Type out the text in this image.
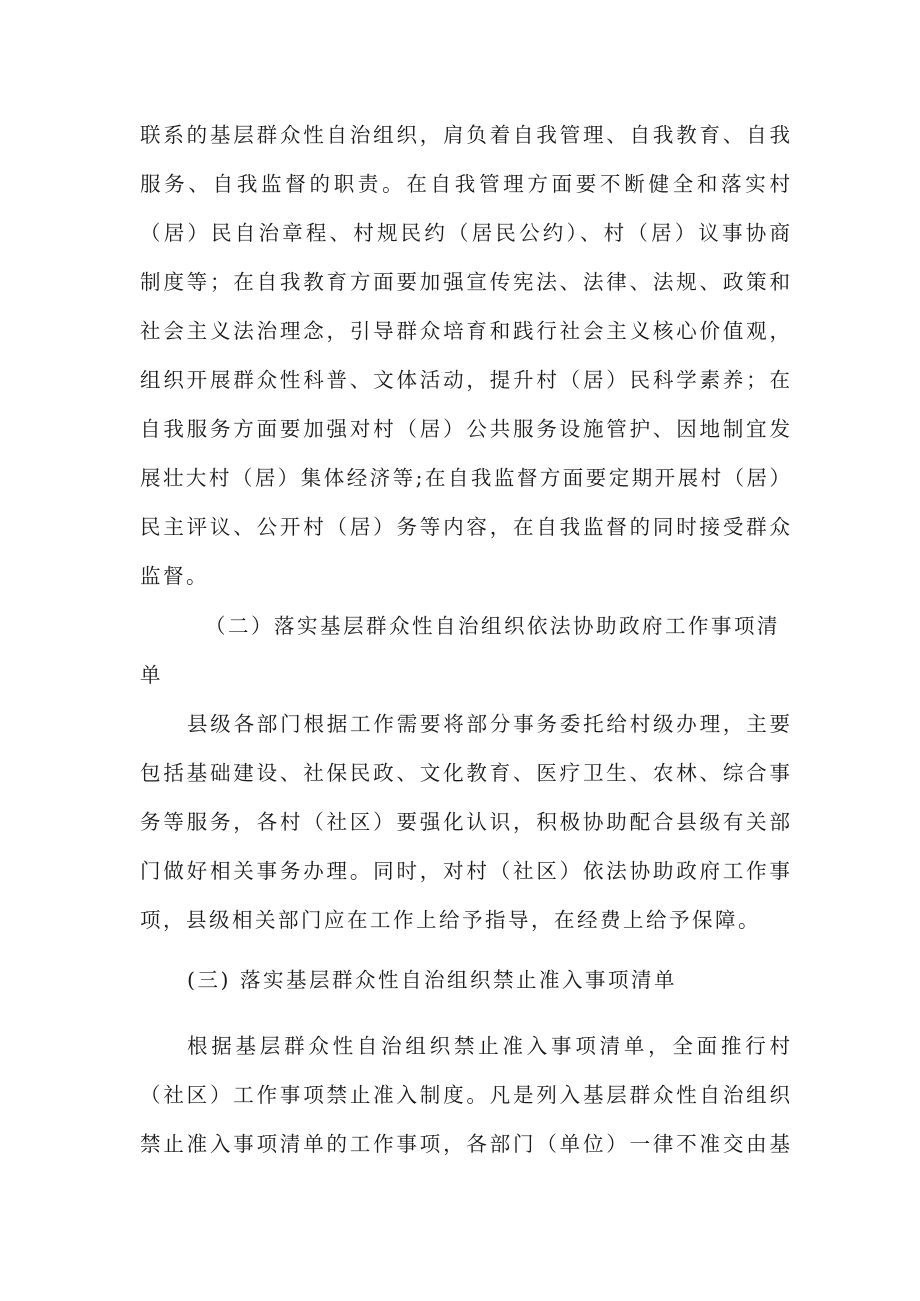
联系的基层群众性自治组织，肩负着自我管理、自我教育、自我
服务、自我监督的职责。在自我管理方面要不断健全和落实村
（居）民自治章程、村规民约（居民公约）、村（居）议事协商
制度等；在自我教育方面要加强宣传宪法、法律、法规、政策和
社会主义法治理念，引导群众培育和践行社会主义核心价值观，
组织开展群众性科普、文体活动，提升村（居）民科学素养；在
自我服务方面要加强对村（居）公共服务设施管护、因地制宜发
展壮大村（居）集体经济等;在自我监督方面要定期开展村（居）
民主评议、公开村（居）务等内容，在自我监督的同时接受群众
监督。
（二）落实基层群众性自治组织依法协助政府工作事项清
单
县级各部门根据工作需要将部分事务委托给村级办理，主要
包括基础建设、社保民政、文化教育、医疗卫生、农林、综合事
务等服务，各村（社区）要强化认识，积极协助配合县级有关部
门做好相关事务办理。同时，对村（社区）依法协助政府工作事
项，县级相关部门应在工作上给予指导，在经费上给予保障。
(三) 落实基层群众性自治组织禁止准入事项清单
根据基层群众性自治组织禁止准入事项清单，全面推行村
（社区）工作事项禁止准入制度。凡是列入基层群众性自治组织
禁止准入事项清单的工作事项，各部门（单位）一律不准交由基
